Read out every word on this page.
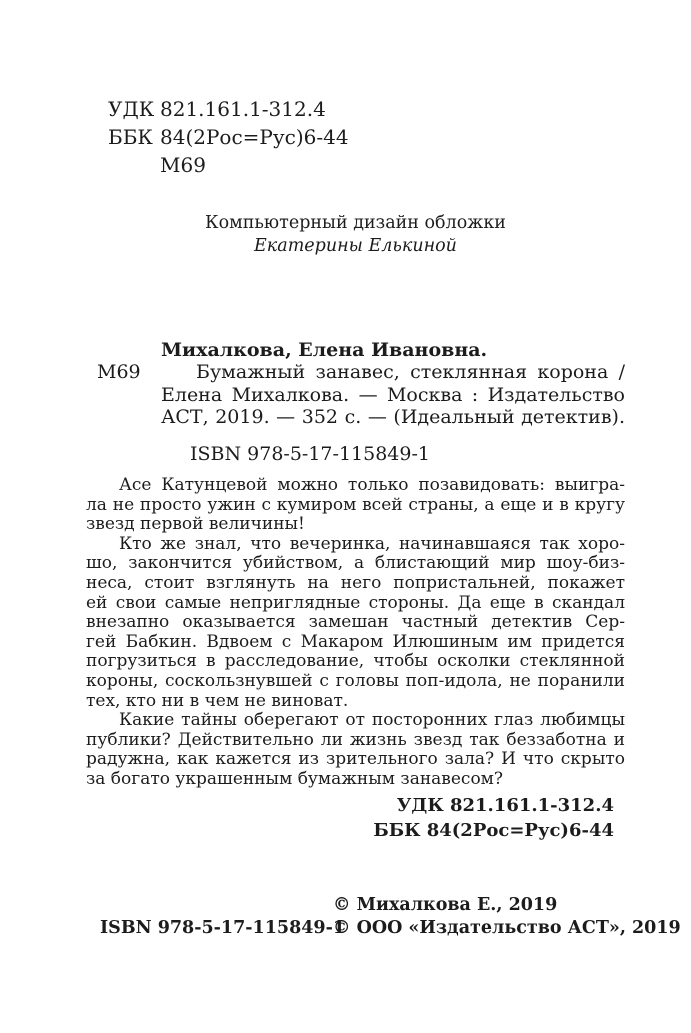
УДК 821.161.1-312.4
ББК 84(2Рос=Рус)6-44
М69
Компьютерный дизайн обложки
Екатерины Елькиной
Михалкова, Елена Ивановна.
М69	Бумажный занавес, стеклянная корона /
Елена Михалкова. — Москва : Издательство
АСТ, 2019. — 352 с. — (Идеальный детектив).
ISBN 978-5-17-115849-1
Асе Катунцевой можно только позавидовать: выигра-
ла не просто ужин с кумиром всей страны, а еще и в кругу
звезд первой величины!
Кто же знал, что вечеринка, начинавшаяся так хоро-
шо, закончится убийством, а блистающий мир шоу-биз-
неса, стоит взглянуть на него попристальней, покажет
ей свои самые неприглядные стороны. Да еще в скандал
внезапно оказывается замешан частный детектив Сер-
гей Бабкин. Вдвоем с Макаром Илюшиным им придется
погрузиться в расследование, чтобы осколки стеклянной
короны, соскользнувшей с головы поп-идола, не поранили
тех, кто ни в чем не виноват.
Какие тайны оберегают от посторонних глаз любимцы
публики? Действительно ли жизнь звезд так беззаботна и
радужна, как кажется из зрительного зала? И что скрыто
за богато украшенным бумажным занавесом?
УДК 821.161.1-312.4
ББК 84(2Рос=Рус)6-44
ISBN 978-5-17-115849-1
© Михалкова Е., 2019
© ООО «Издательство АСТ», 2019
